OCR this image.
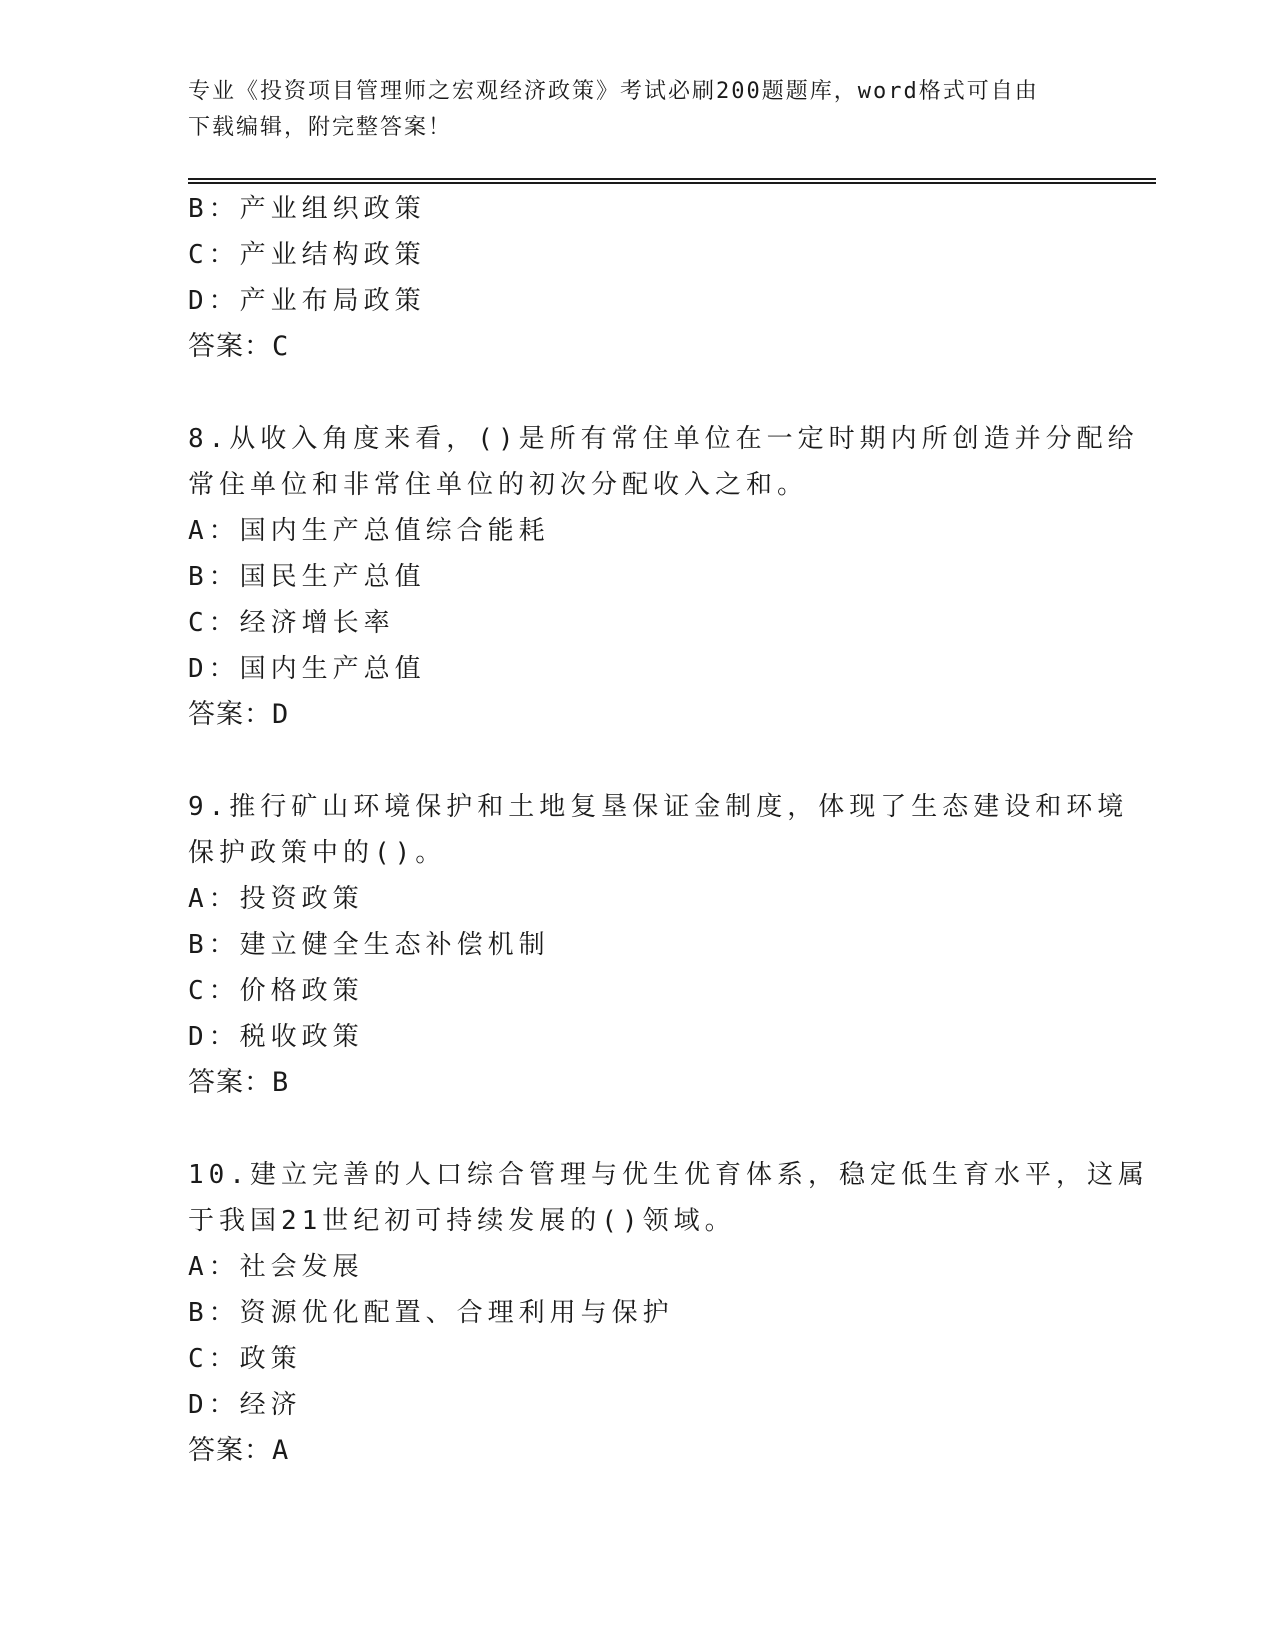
专业《投资项目管理师之宏观经济政策》考试必刷200题题库，word格式可自由
下载编辑，附完整答案！
B：产业组织政策
C：产业结构政策
D：产业布局政策
答案：C
8.从收入角度来看，()是所有常住单位在一定时期内所创造并分配给
常住单位和非常住单位的初次分配收入之和。
A：国内生产总值综合能耗
B：国民生产总值
C：经济增长率
D：国内生产总值
答案：D
9.推行矿山环境保护和土地复垦保证金制度，体现了生态建设和环境
保护政策中的()。
A：投资政策
B：建立健全生态补偿机制
C：价格政策
D：税收政策
答案：B
10.建立完善的人口综合管理与优生优育体系，稳定低生育水平，这属
于我国21世纪初可持续发展的()领域。
A：社会发展
B：资源优化配置、合理利用与保护
C：政策
D：经济
答案：A
